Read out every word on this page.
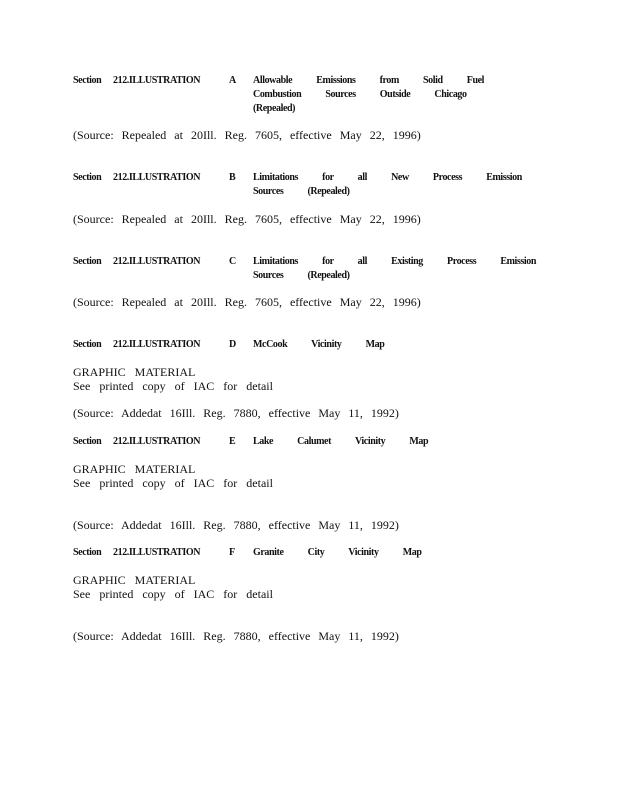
Section 212.ILLUSTRATION	A Allowable Emissions from Solid Fuel
Combustion Sources Outside Chicago
(Repealed)
(Source: Repealed at 20Ill. Reg. 7605, effective May 22, 1996)
Section 212.ILLUSTRATION	B Limitations for all New Process Emission
Sources (Repealed)
(Source: Repealed at 20Ill. Reg. 7605, effective May 22, 1996)
Section 212.ILLUSTRATION	C Limitations for all Existing Process Emission
Sources (Repealed)
(Source: Repealed at 20Ill. Reg. 7605, effective May 22, 1996)
Section 212.ILLUSTRATION	D McCook Vicinity Map
GRAPHIC MATERIAL
See printed copy of IAC for detail
(Source: Addedat 16Ill. Reg. 7880, effective May 11, 1992)
Section 212.ILLUSTRATION	E Lake Calumet Vicinity Map
GRAPHIC MATERIAL
See printed copy of IAC for detail
(Source: Addedat 16Ill. Reg. 7880, effective May 11, 1992)
Section 212.ILLUSTRATION	F Granite City Vicinity Map
GRAPHIC MATERIAL
See printed copy of IAC for detail
(Source: Addedat 16Ill. Reg. 7880, effective May 11, 1992)
